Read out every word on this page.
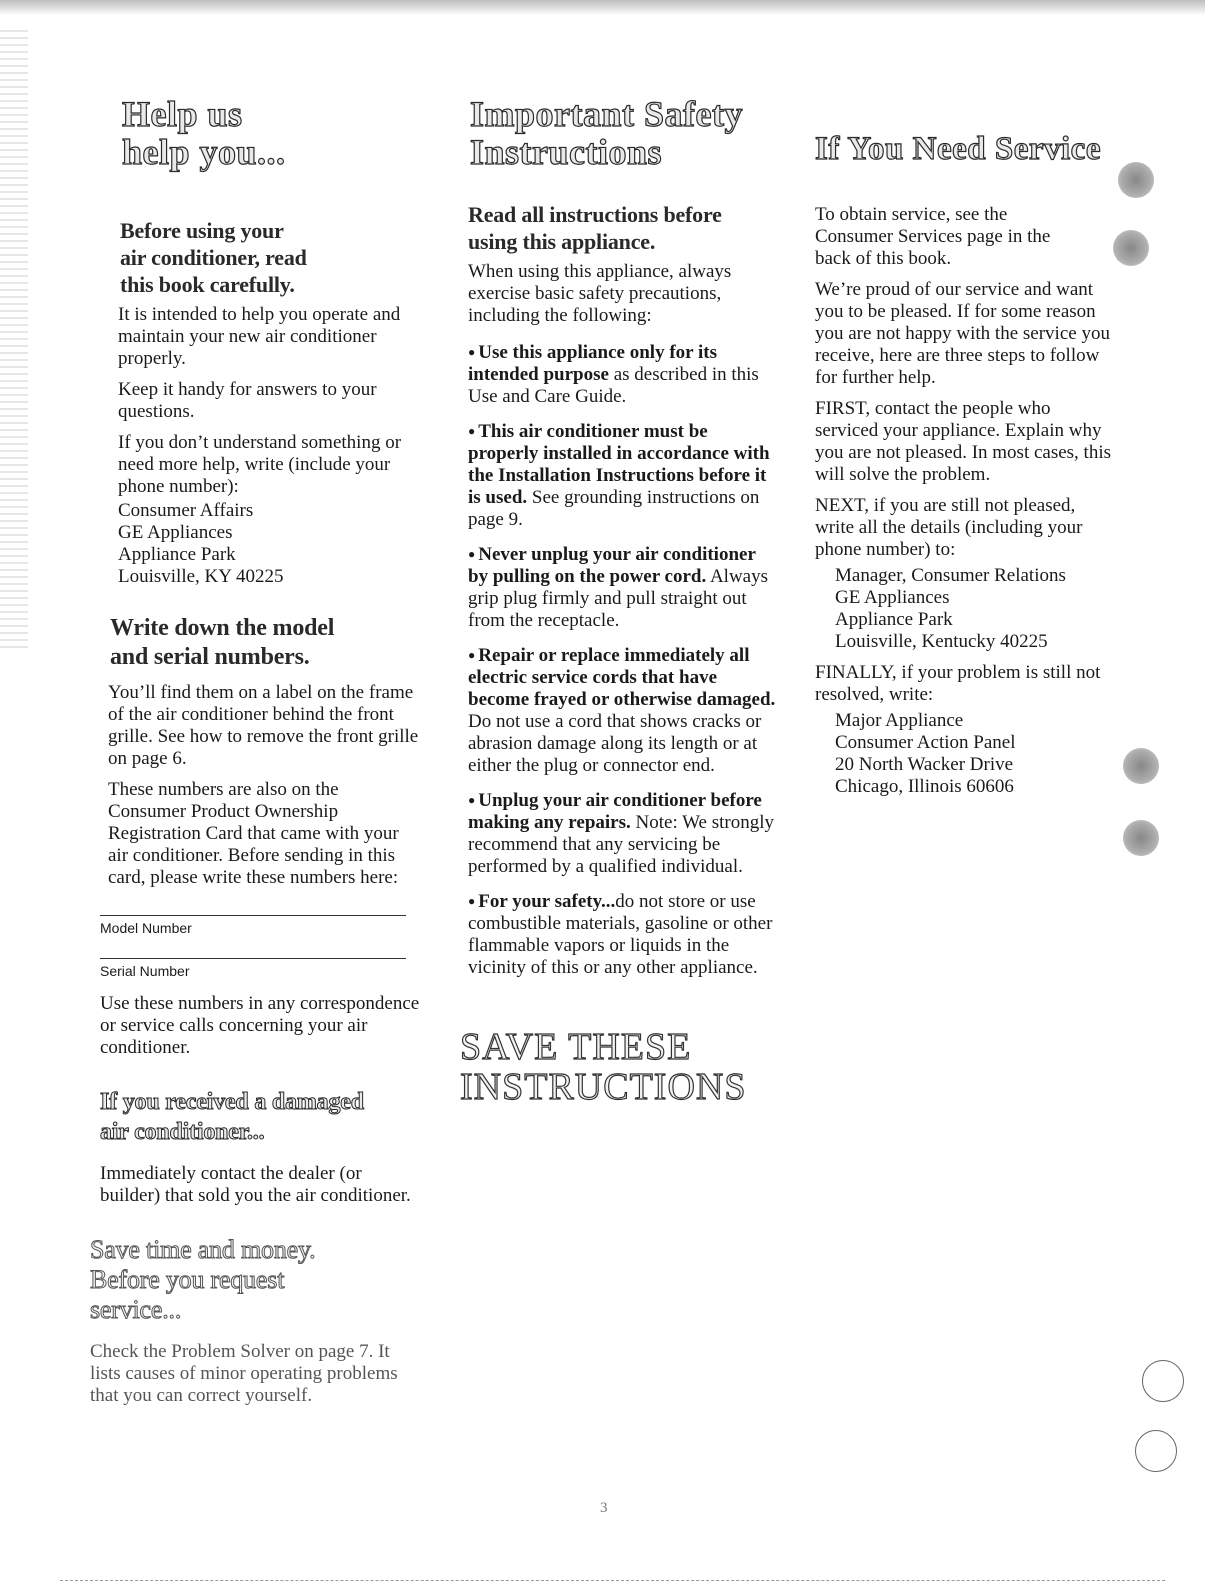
Help us
help you...
Before using your
air conditioner, read
this book carefully.

It is intended to help you operate and maintain your new air conditioner properly.

Keep it handy for answers to your questions.

If you don’t understand something or need more help, write (include your phone number):

Consumer Affairs
GE Appliances
Appliance Park
Louisville, KY 40225
Write down the model
and serial numbers.

You’ll find them on a label on the frame of the air conditioner behind the front grille. See how to remove the front grille on page 6.

These numbers are also on the Consumer Product Ownership Registration Card that came with your air conditioner. Before sending in this card, please write these numbers here:

Model Number
Serial Number

Use these numbers in any correspondence or service calls concerning your air conditioner.

If you received a damaged
air conditioner...

Immediately contact the dealer (or builder) that sold you the air conditioner.

Save time and money.
Before you request
service...

Check the Problem Solver on page 7. It lists causes of minor operating problems that you can correct yourself.

Important Safety
Instructions
Read all instructions before
using this appliance.

When using this appliance, always exercise basic safety precautions, including the following:

● Use this appliance only for its intended purpose as described in this Use and Care Guide.
● This air conditioner must be properly installed in accordance with the Installation Instructions before it is used. See grounding instructions on page 9.
● Never unplug your air conditioner by pulling on the power cord. Always grip plug firmly and pull straight out from the receptacle.
● Repair or replace immediately all electric service cords that have become frayed or otherwise damaged. Do not use a cord that shows cracks or abrasion damage along its length or at either the plug or connector end.
● Unplug your air conditioner before making any repairs. Note: We strongly recommend that any servicing be performed by a qualified individual.
● For your safety...do not store or use combustible materials, gasoline or other flammable vapors or liquids in the vicinity of this or any other appliance.
SAVE THESE
INSTRUCTIONS
If You Need Service

To obtain service, see the Consumer Services page in the back of this book.

We’re proud of our service and want you to be pleased. If for some reason you are not happy with the service you receive, here are three steps to follow for further help.

FIRST, contact the people who serviced your appliance. Explain why you are not pleased. In most cases, this will solve the problem.

NEXT, if you are still not pleased, write all the details (including your phone number) to:

Manager, Consumer Relations
GE Appliances
Appliance Park
Louisville, Kentucky 40225

FINALLY, if your problem is still not resolved, write:

Major Appliance
Consumer Action Panel
20 North Wacker Drive
Chicago, Illinois 60606
3
